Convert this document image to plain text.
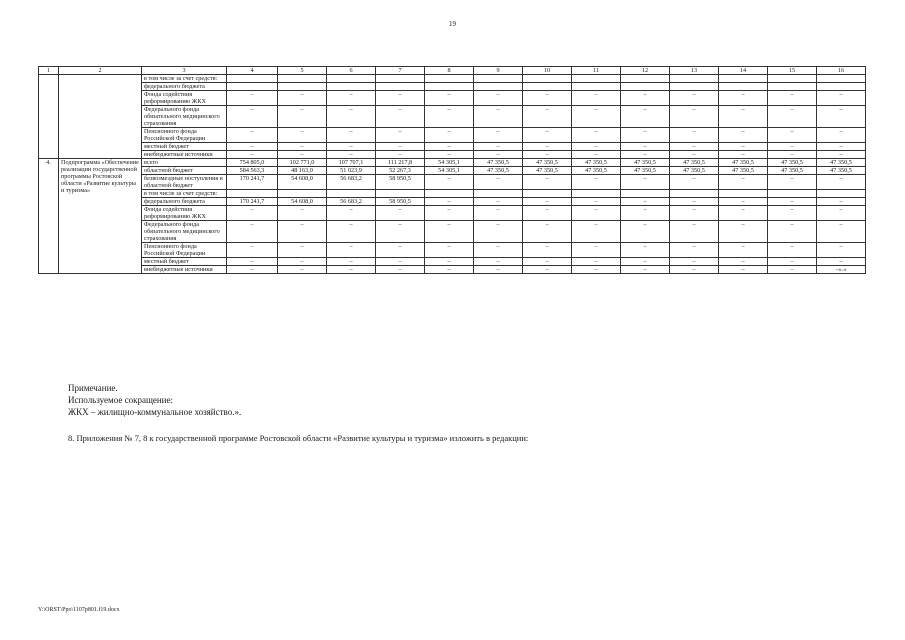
19
1	2	3	4	5	6	7	8	9	10	11	12	13	14	15	16
		в том числе за счет средств:													
		федерального бюджета													
		Фонда содействия реформированию ЖКХ	–	–	–	–	–	–	–	–	–	–	–	–	–
		Федерального фонда обязательного медицинского страхования	–	–	–	–	–	–	–	–	–	–	–	–	–
		Пенсионного фонда Российской Федерации	–	–	–	–	–	–	–	–	–	–	–	–	–
		местный бюджет	–	–	–	–	–	–	–	–	–	–	–	–	–
		внебюджетные источники	–	–	–	–	–	–	–	–	–	–	–	–	–
4.	Подпрограмма «Обеспечение реализации государственной программы Ростовской области «Развитие культуры и туризма»	всего	754 805,0	102 771,0	107 707,1	111 217,8	54 305,1	47 350,5	47 350,5	47 350,5	47 350,5	47 350,5	47 350,5	47 350,5	47 350,5
		областной бюджет	584 563,3	48 163,0	51 023,9	52 267,3	54 305,1	47 350,5	47 350,5	47 350,5	47 350,5	47 350,5	47 350,5	47 350,5	47 350,5
		безвозмездные поступления в областной бюджет	170 241,7	54 608,0	56 683,2	58 950,5	–	–	–	–	–	–	–	–	–
		в том числе за счет средств:													
		федерального бюджета	170 241,7	54 608,0	56 683,2	58 950,5	–	–	–	–	–	–	–	–	–
		Фонда содействия реформированию ЖКХ	–	–	–	–	–	–	–	–	–	–	–	–	–
		Федерального фонда обязательного медицинского страхования	–	–	–	–	–	–	–	–	–	–	–	–	–
		Пенсионного фонда Российской Федерации	–	–	–	–	–	–	–	–	–	–	–	–	–
		местный бюджет	–	–	–	–	–	–	–	–	–	–	–	–	–
		внебюджетные источники	–	–	–	–	–	–	–	–	–	–	–	–	–».»
Примечание.
Используемое сокращение:
ЖКХ – жилищно-коммунальное хозяйство.».
8. Приложения № 7, 8 к государственной программе Ростовской области «Развитие культуры и туризма» изложить в редакции:
Y:\ORST\Ppo\1107p801.f19.docx
